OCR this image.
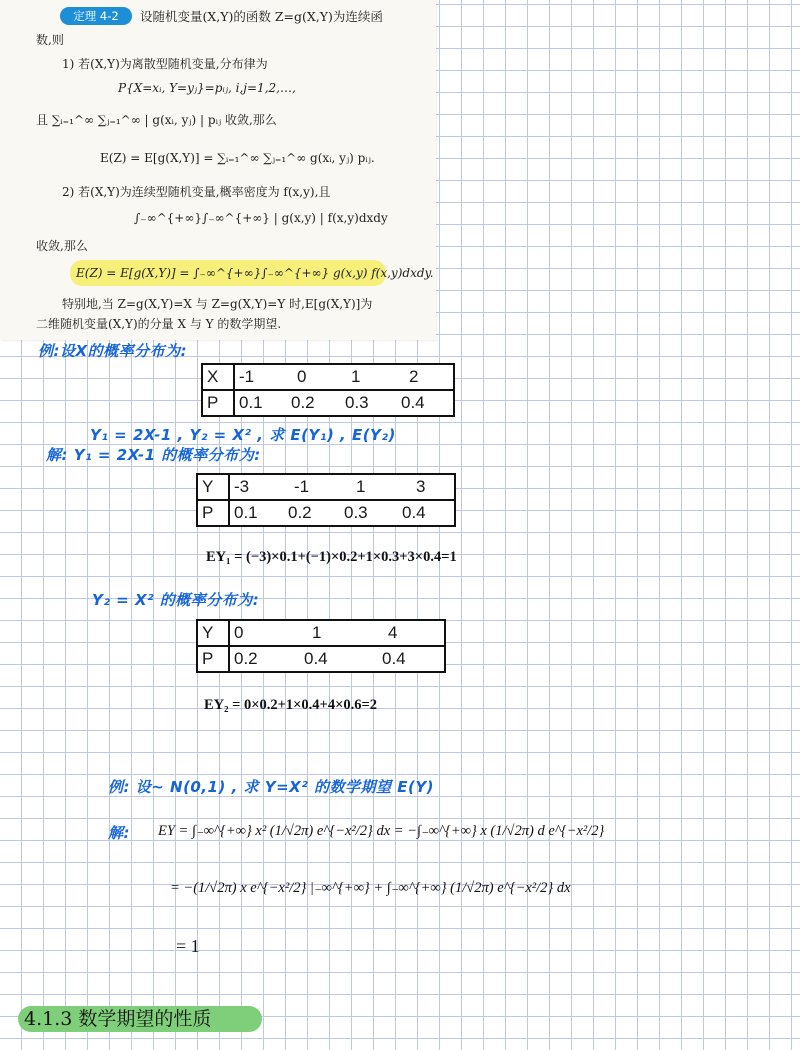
定理 4-2	设随机变量(X,Y)的函数 Z=g(X,Y)为连续函
数,则
1) 若(X,Y)为离散型随机变量,分布律为
P{X=xᵢ, Y=yⱼ}=pᵢⱼ, i,j=1,2,…,
且 ∑ᵢ₌₁^∞ ∑ⱼ₌₁^∞ | g(xᵢ, yⱼ) | pᵢⱼ 收敛,那么
E(Z) = E[g(X,Y)] = ∑ᵢ₌₁^∞ ∑ⱼ₌₁^∞ g(xᵢ, yⱼ) pᵢⱼ.
2) 若(X,Y)为连续型随机变量,概率密度为 f(x,y),且
∫₋∞^{+∞}∫₋∞^{+∞} | g(x,y) | f(x,y)dxdy
收敛,那么
E(Z) = E[g(X,Y)] = ∫₋∞^{+∞}∫₋∞^{+∞} g(x,y) f(x,y)dxdy.
特别地,当 Z=g(X,Y)=X 与 Z=g(X,Y)=Y 时,E[g(X,Y)]为
二维随机变量(X,Y)的分量 X 与 Y 的数学期望.
例:设X的概率分布为:
X	-1 0 1 2
P	0.1 0.2 0.3 0.4
Y₁ = 2X-1 , Y₂ = X² , 求 E(Y₁) , E(Y₂)
解: Y₁ = 2X-1 的概率分布为:
Y	-3 -1 1 3
P	0.1 0.2 0.3 0.4
EY₁ = (−3)×0.1+(−1)×0.2+1×0.3+3×0.4=1
Y₂ = X² 的概率分布为:
Y	0 1 4
P	0.2 0.4 0.4
EY₂ = 0×0.2+1×0.4+4×0.6=2
例: 设~ N(0,1) , 求 Y=X² 的数学期望 E(Y)
解: EY = ∫₋∞^{+∞} x² (1/√2π) e^{−x²/2} dx = −∫₋∞^{+∞} x (1/√2π) d e^{−x²/2}
= −(1/√2π) x e^{−x²/2} |₋∞^{+∞} + ∫₋∞^{+∞} (1/√2π) e^{−x²/2} dx
= 1
4.1.3 数学期望的性质
